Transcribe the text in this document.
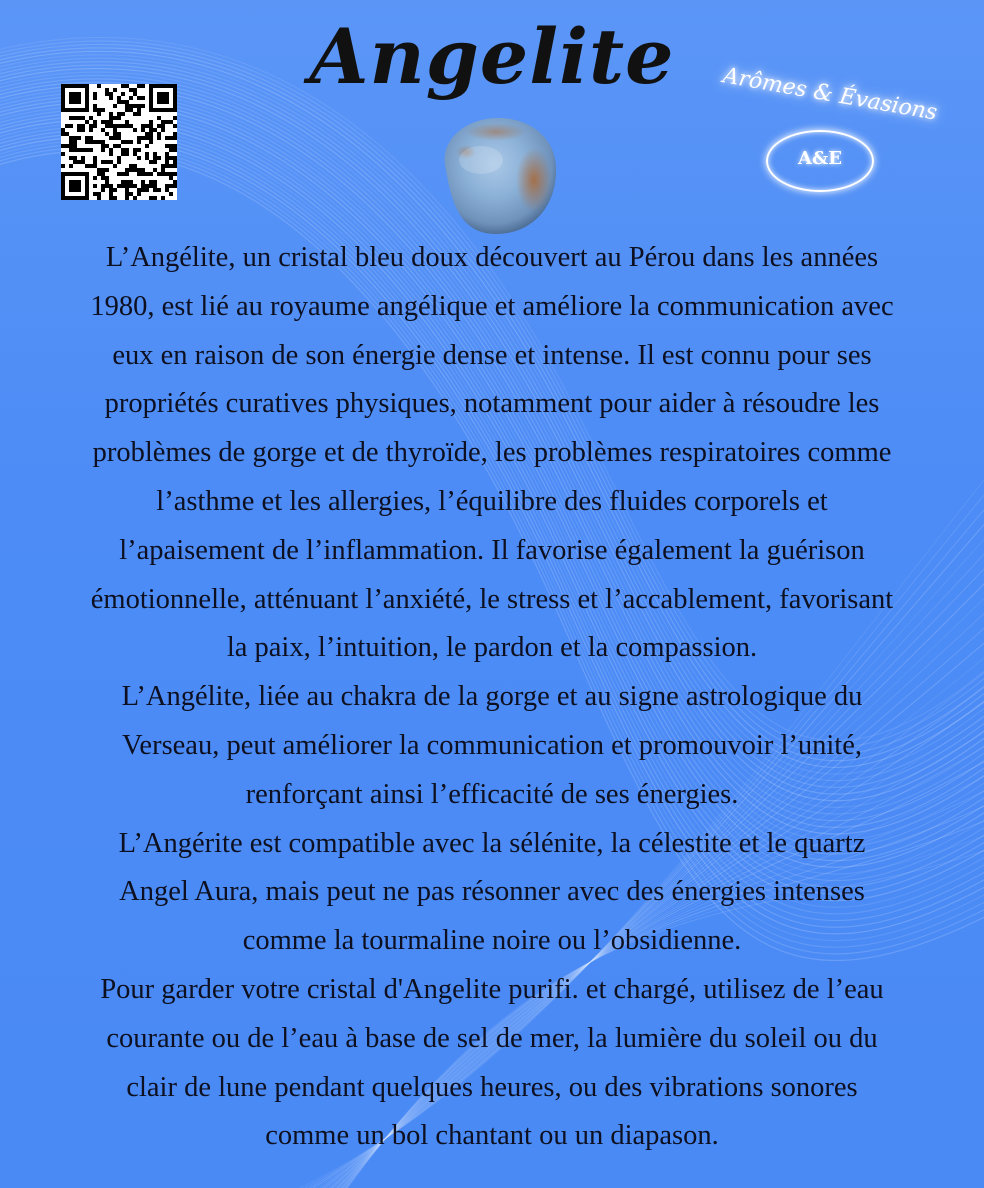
Angelite	Arômes & Évasions
A&E
L’Angélite, un cristal bleu doux découvert au Pérou dans les années
1980, est lié au royaume angélique et améliore la communication avec
eux en raison de son énergie dense et intense. Il est connu pour ses
propriétés curatives physiques, notamment pour aider à résoudre les
problèmes de gorge et de thyroïde, les problèmes respiratoires comme
l’asthme et les allergies, l’équilibre des fluides corporels et
l’apaisement de l’inflammation. Il favorise également la guérison
émotionnelle, atténuant l’anxiété, le stress et l’accablement, favorisant
la paix, l’intuition, le pardon et la compassion.
L’Angélite, liée au chakra de la gorge et au signe astrologique du
Verseau, peut améliorer la communication et promouvoir l’unité,
renforçant ainsi l’efficacité de ses énergies.
L’Angérite est compatible avec la sélénite, la célestite et le quartz
Angel Aura, mais peut ne pas résonner avec des énergies intenses
comme la tourmaline noire ou l’obsidienne.
Pour garder votre cristal d'Angelite purifi. et chargé, utilisez de l’eau
courante ou de l’eau à base de sel de mer, la lumière du soleil ou du
clair de lune pendant quelques heures, ou des vibrations sonores
comme un bol chantant ou un diapason.
